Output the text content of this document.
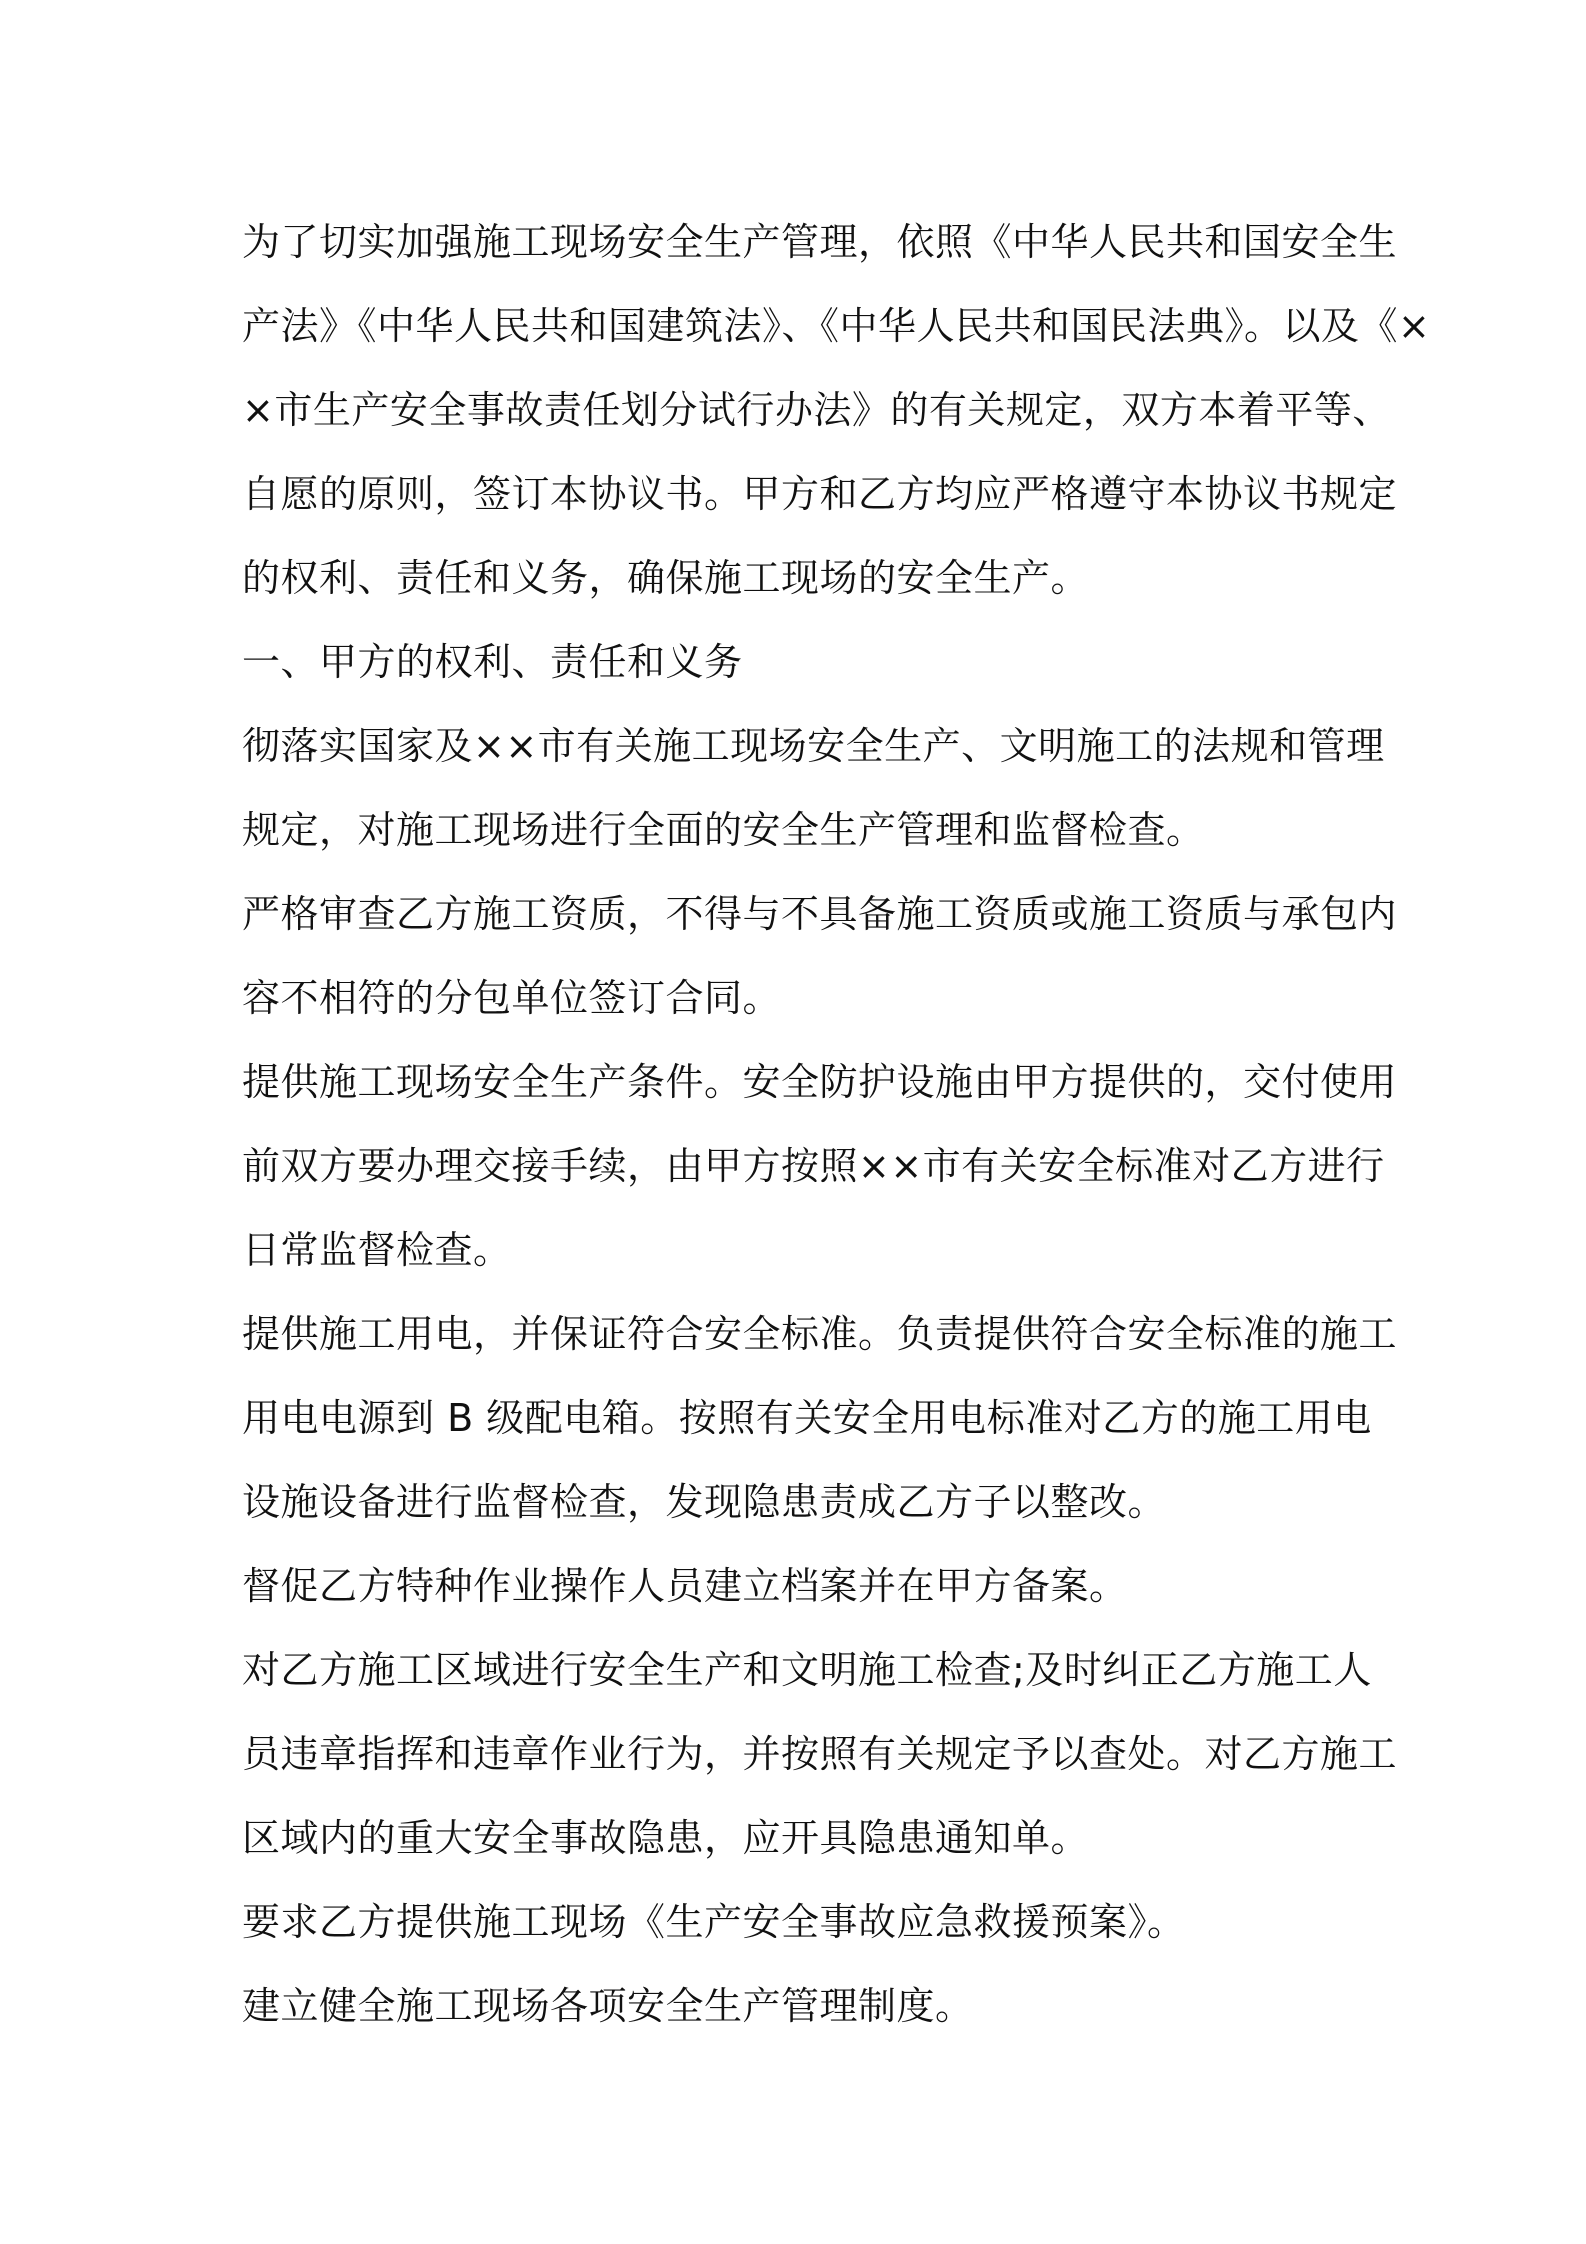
为了切实加强施工现场安全生产管理，依照《中华人民共和国安全生
产法》《中华人民共和国建筑法》、《中华人民共和国民法典》。以及《×
×市生产安全事故责任划分试行办法》的有关规定，双方本着平等、
自愿的原则，签订本协议书。甲方和乙方均应严格遵守本协议书规定
的权利、责任和义务，确保施工现场的安全生产。
一、甲方的权利、责任和义务
彻落实国家及××市有关施工现场安全生产、文明施工的法规和管理
规定，对施工现场进行全面的安全生产管理和监督检查。
严格审查乙方施工资质，不得与不具备施工资质或施工资质与承包内
容不相符的分包单位签订合同。
提供施工现场安全生产条件。安全防护设施由甲方提供的，交付使用
前双方要办理交接手续，由甲方按照××市有关安全标准对乙方进行
日常监督检查。
提供施工用电，并保证符合安全标准。负责提供符合安全标准的施工
用电电源到 B 级配电箱。按照有关安全用电标准对乙方的施工用电
设施设备进行监督检查，发现隐患责成乙方子以整改。
督促乙方特种作业操作人员建立档案并在甲方备案。
对乙方施工区域进行安全生产和文明施工检查;及时纠正乙方施工人
员违章指挥和违章作业行为，并按照有关规定予以查处。对乙方施工
区域内的重大安全事故隐患，应开具隐患通知单。
要求乙方提供施工现场《生产安全事故应急救援预案》。
建立健全施工现场各项安全生产管理制度。
